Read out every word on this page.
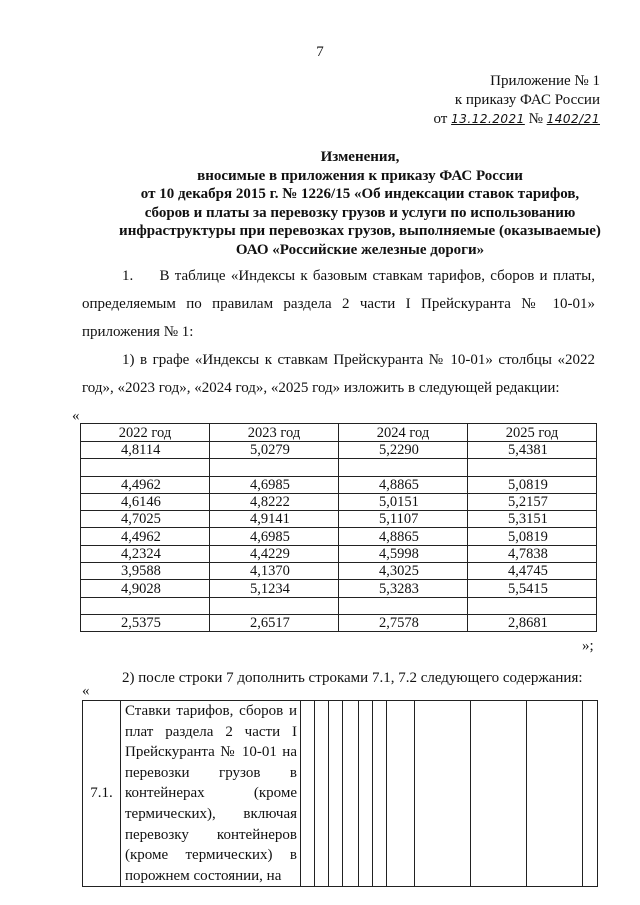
7
Приложение № 1
к приказу ФАС России
от 13.12.2021 № 1402/21
Изменения,
вносимые в приложения к приказу ФАС России
от 10 декабря 2015 г. № 1226/15 «Об индексации ставок тарифов,
сборов и платы за перевозку грузов и услуги по использованию
инфраструктуры при перевозках грузов, выполняемые (оказываемые)
ОАО «Российские железные дороги»
1. В таблице «Индексы к базовым ставкам тарифов, сборов и платы, определяемым по правилам раздела 2 части I Прейскуранта № 10-01» приложения № 1:
1) в графе «Индексы к ставкам Прейскуранта № 10-01» столбцы «2022 год», «2023 год», «2024 год», «2025 год» изложить в следующей редакции:
«
2022 год	2023 год	2024 год	2025 год
4,8114	5,0279	5,2290	5,4381

4,4962	4,6985	4,8865	5,0819
4,6146	4,8222	5,0151	5,2157
4,7025	4,9141	5,1107	5,3151
4,4962	4,6985	4,8865	5,0819
4,2324	4,4229	4,5998	4,7838
3,9588	4,1370	4,3025	4,4745
4,9028	5,1234	5,3283	5,5415

2,5375	2,6517	2,7578	2,8681
»;
2) после строки 7 дополнить строками 7.1, 7.2 следующего содержания:
«
7.1.	Ставки тарифов, сборов и плат раздела 2 части I Прейскуранта № 10-01 на перевозки грузов в контейнерах (кроме термических), включая перевозку контейнеров (кроме термических) в порожнем состоянии, на											
